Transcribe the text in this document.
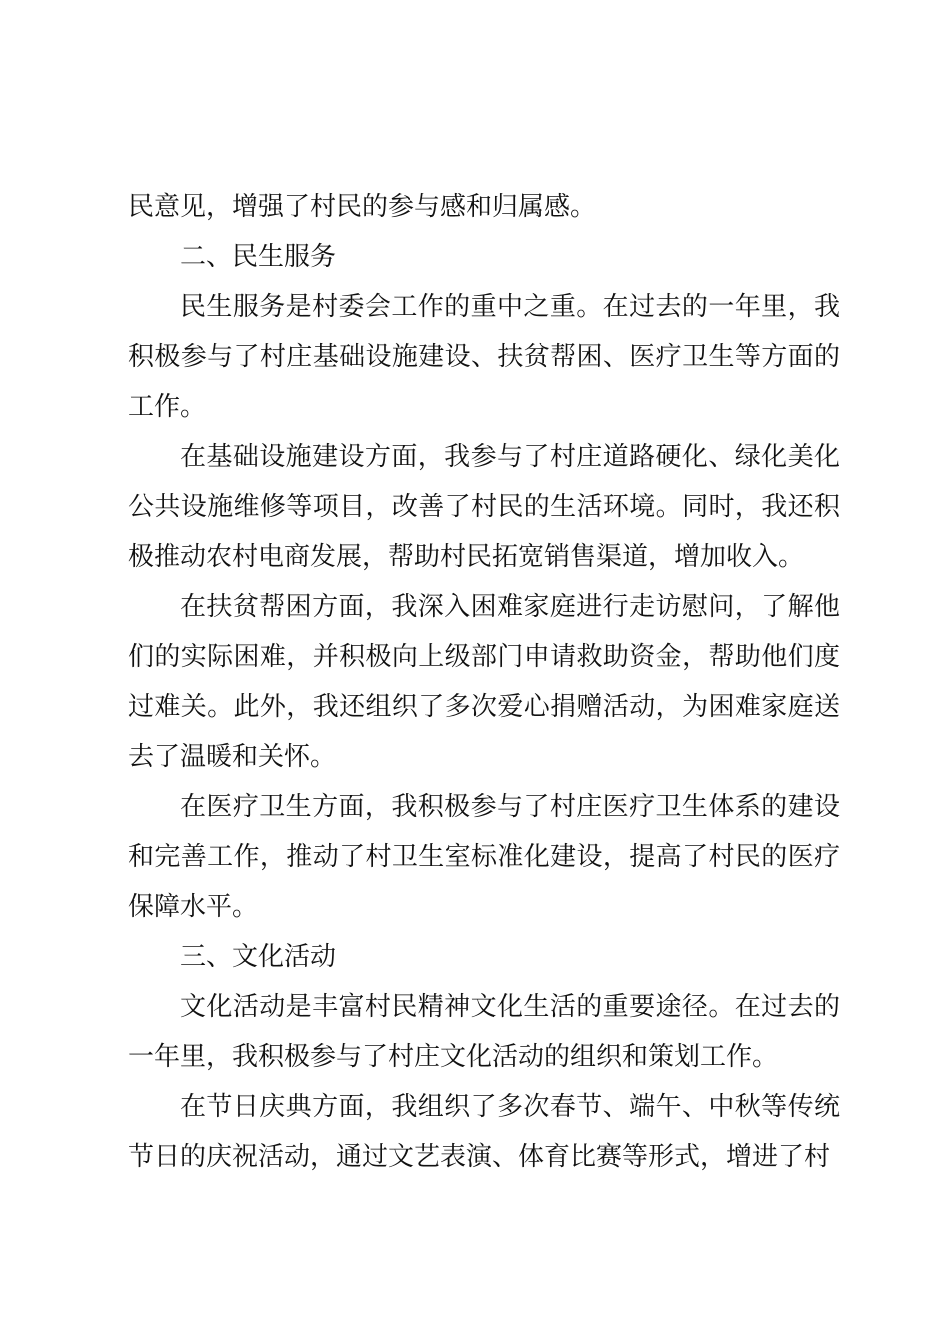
民意见，增强了村民的参与感和归属感。

二、民生服务

民生服务是村委会工作的重中之重。在过去的一年里，我积极参与了村庄基础设施建设、扶贫帮困、医疗卫生等方面的工作。

在基础设施建设方面，我参与了村庄道路硬化、绿化美化公共设施维修等项目，改善了村民的生活环境。同时，我还积极推动农村电商发展，帮助村民拓宽销售渠道，增加收入。

在扶贫帮困方面，我深入困难家庭进行走访慰问，了解他们的实际困难，并积极向上级部门申请救助资金，帮助他们度过难关。此外，我还组织了多次爱心捐赠活动，为困难家庭送去了温暖和关怀。

在医疗卫生方面，我积极参与了村庄医疗卫生体系的建设和完善工作，推动了村卫生室标准化建设，提高了村民的医疗保障水平。

三、文化活动

文化活动是丰富村民精神文化生活的重要途径。在过去的一年里，我积极参与了村庄文化活动的组织和策划工作。

在节日庆典方面，我组织了多次春节、端午、中秋等传统节日的庆祝活动，通过文艺表演、体育比赛等形式，增进了村
